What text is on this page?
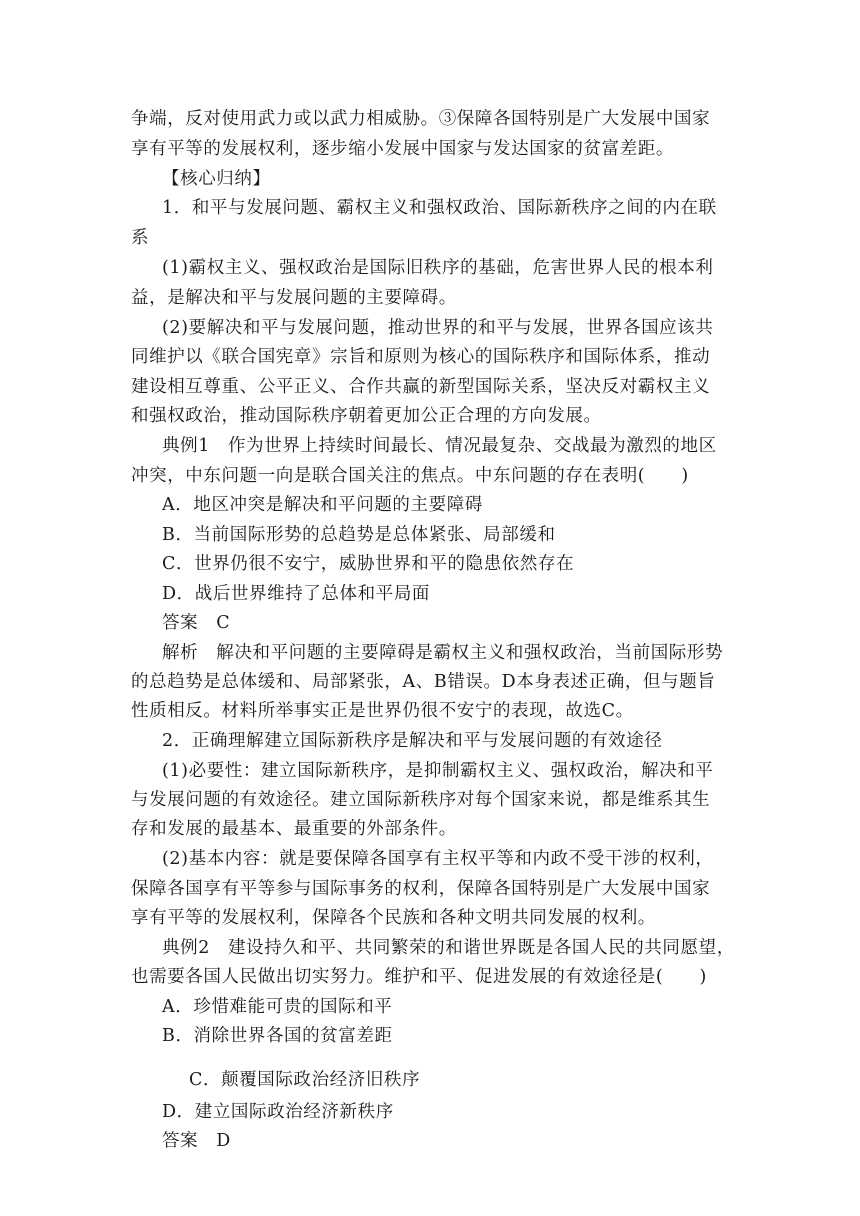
争端，反对使用武力或以武力相威胁。③保障各国特别是广大发展中国家
享有平等的发展权利，逐步缩小发展中国家与发达国家的贫富差距。
【核心归纳】
1．和平与发展问题、霸权主义和强权政治、国际新秩序之间的内在联
系
(1)霸权主义、强权政治是国际旧秩序的基础，危害世界人民的根本利
益，是解决和平与发展问题的主要障碍。
(2)要解决和平与发展问题，推动世界的和平与发展，世界各国应该共
同维护以《联合国宪章》宗旨和原则为核心的国际秩序和国际体系，推动
建设相互尊重、公平正义、合作共赢的新型国际关系，坚决反对霸权主义
和强权政治，推动国际秩序朝着更加公正合理的方向发展。
典例1　作为世界上持续时间最长、情况最复杂、交战最为激烈的地区
冲突，中东问题一向是联合国关注的焦点。中东问题的存在表明(　　)
A．地区冲突是解决和平问题的主要障碍
B．当前国际形势的总趋势是总体紧张、局部缓和
C．世界仍很不安宁，威胁世界和平的隐患依然存在
D．战后世界维持了总体和平局面
答案　C
解析　解决和平问题的主要障碍是霸权主义和强权政治，当前国际形势
的总趋势是总体缓和、局部紧张，A、B错误。D本身表述正确，但与题旨
性质相反。材料所举事实正是世界仍很不安宁的表现，故选C。
2．正确理解建立国际新秩序是解决和平与发展问题的有效途径
(1)必要性：建立国际新秩序，是抑制霸权主义、强权政治，解决和平
与发展问题的有效途径。建立国际新秩序对每个国家来说，都是维系其生
存和发展的最基本、最重要的外部条件。
(2)基本内容：就是要保障各国享有主权平等和内政不受干涉的权利，
保障各国享有平等参与国际事务的权利，保障各国特别是广大发展中国家
享有平等的发展权利，保障各个民族和各种文明共同发展的权利。
典例2　建设持久和平、共同繁荣的和谐世界既是各国人民的共同愿望，
也需要各国人民做出切实努力。维护和平、促进发展的有效途径是(　　)
A．珍惜难能可贵的国际和平
B．消除世界各国的贫富差距
C．颠覆国际政治经济旧秩序
D．建立国际政治经济新秩序
答案　D
